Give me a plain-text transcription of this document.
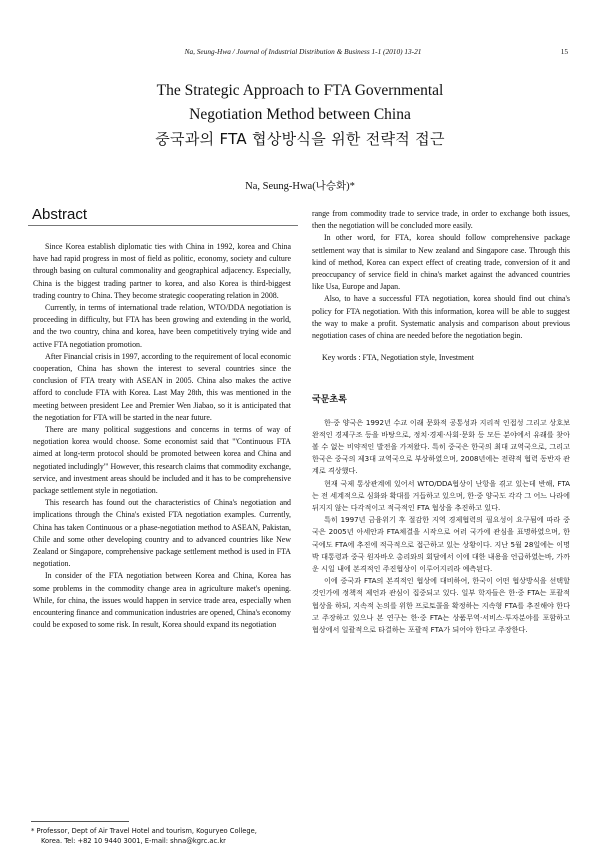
Na, Seung-Hwa / Journal of Industrial Distribution & Business 1-1 (2010) 13-21	15
The Strategic Approach to FTA Governmental
Negotiation Method between China
중국과의 FTA 협상방식을 위한 전략적 접근
Na, Seung-Hwa(나승화)*
Abstract

Since Korea establish diplomatic ties with China in 1992, korea and China have had rapid progress in most of field as politic, economy, society and culture through basing on cultural commonality and geographical adjacency. Especially, China is the biggest trading partner to korea, and also Korea is third-biggest trading country to China. They become strategic cooperating relation in 2008.

Currently, in terms of international trade relation, WTO/DDA negotiation is proceeding in difficulty, but FTA has been growing and extending in the world, and the two country, china and korea, have been competitively trying wide and active FTA negotiation promotion.

After Financial crisis in 1997, according to the requirement of local economic cooperation, China has shown the interest to several countries since the conclusion of FTA treaty with ASEAN in 2005. China also makes the active afford to conclude FTA with Korea. Last May 28th, this was mentioned in the meeting between president Lee and Premier Wen Jiabao, so it is anticipated that the negotiation for FTA will be started in the near future.

There are many political suggestions and concerns in terms of way of negotiation korea would choose. Some economist said that "'Continuous FTA aimed at long-term protocol should be promoted between korea and China and negotiated includingly'" However, this research claims that commodity exchange, service, and investment areas should be included and it has to be comprehensive package settlement style in negotiation.

This research has found out the characteristics of China's negotiation and implications through the China's existed FTA negotiation examples. Currently, China has taken Continuous or a phase-negotiation method to ASEAN, Pakistan, Chile and some other developing country and to advanced countries like New Zealand or Singapore, comprehensive package settlement method is used in FTA negotiation.

In consider of the FTA negotiation between Korea and China, Korea has some problems in the commodity change area in agriculture maket's opening. While, for china, the issues would happen in service trade area, especially when encountering finance and communication industries are opened, China's economy could be exposed to some risk. In result, Korea should expand its negotiation

range from commodity trade to service trade, in order to exchange both issues, then the negotiation will be concluded more easily.

In other word, for FTA, korea should follow comprehensive package settlement way that is similar to New zealand and Singapore case. Through this kind of method, Korea can expect effect of creating trade, conversion of it and preoccupancy of service field in china's market against the advanced countries like Usa, Europe and Japan.

Also, to have a successful FTA negotiation, korea should find out china's policy for FTA negotiation. With this information, korea will be able to suggest the way to make a profit. Systematic analysis and comparison about previous negotiation cases of china are needed before the negotiation begin.

Key words : FTA, Negotiation style, Investment

국문초록

한·중 양국은 1992년 수교 이래 문화적 공통성과 지리적 인접성 그리고 상호보완적인 경제구조 등을 바탕으로, 정치·경제·사회·문화 등 모든 분야에서 유래를 찾아 볼 수 없는 비약적인 발전을 가져왔다. 특히 중국은 한국의 최대 교역국으로, 그리고 한국은 중국의 제3대 교역국으로 부상하였으며, 2008년에는 전략적 협력 동반자 관계로 격상했다.

현재 국제 통상관계에 있어서 WTO/DDA협상이 난항을 겪고 있는데 반해, FTA는 전 세계적으로 심화와 확대를 거듭하고 있으며, 한·중 양국도 각각 그 어느 나라에 뒤지지 않는 다각적이고 적극적인 FTA 협상을 추진하고 있다.

특히 1997년 금융위기 후 절감한 지역 경제협력의 필요성이 요구됨에 따라 중국은 2005년 아세안과 FTA체결을 시작으로 여러 국가에 관심을 표명하였으며, 한국에도 FTA에 추진에 적극적으로 접근하고 있는 상황이다. 지난 5월 28일에는 이명박 대통령과 중국 원자바오 총리와의 회담에서 이에 대한 내용을 언급하였는바, 가까운 시일 내에 본격적인 주진협상이 이루어지리라 예측된다.

이에 중국과 FTA의 본격적인 협상에 대비하여, 한국이 어떤 협상방식을 선택할 것인가에 정책적 제언과 관심이 집중되고 있다. 일부 학자들은 한·중 FTA는 포괄적 협상을 하되, 지속적 논의를 위한 프로토콜을 확정하는 지속형 FTA를 추진해야 한다고 주장하고 있으나 본 연구는 한·중 FTA는 상품무역·서비스·투자분야를 포함하고 협상에서 일괄적으로 타결하는 포괄적 FTA가 되어야 한다고 주장한다.

* Professor, Dept of Air Travel Hotel and tourism, Koguryeo College,
Korea. Tel: +82 10 9440 3001, E-mail: shna@kgrc.ac.kr
